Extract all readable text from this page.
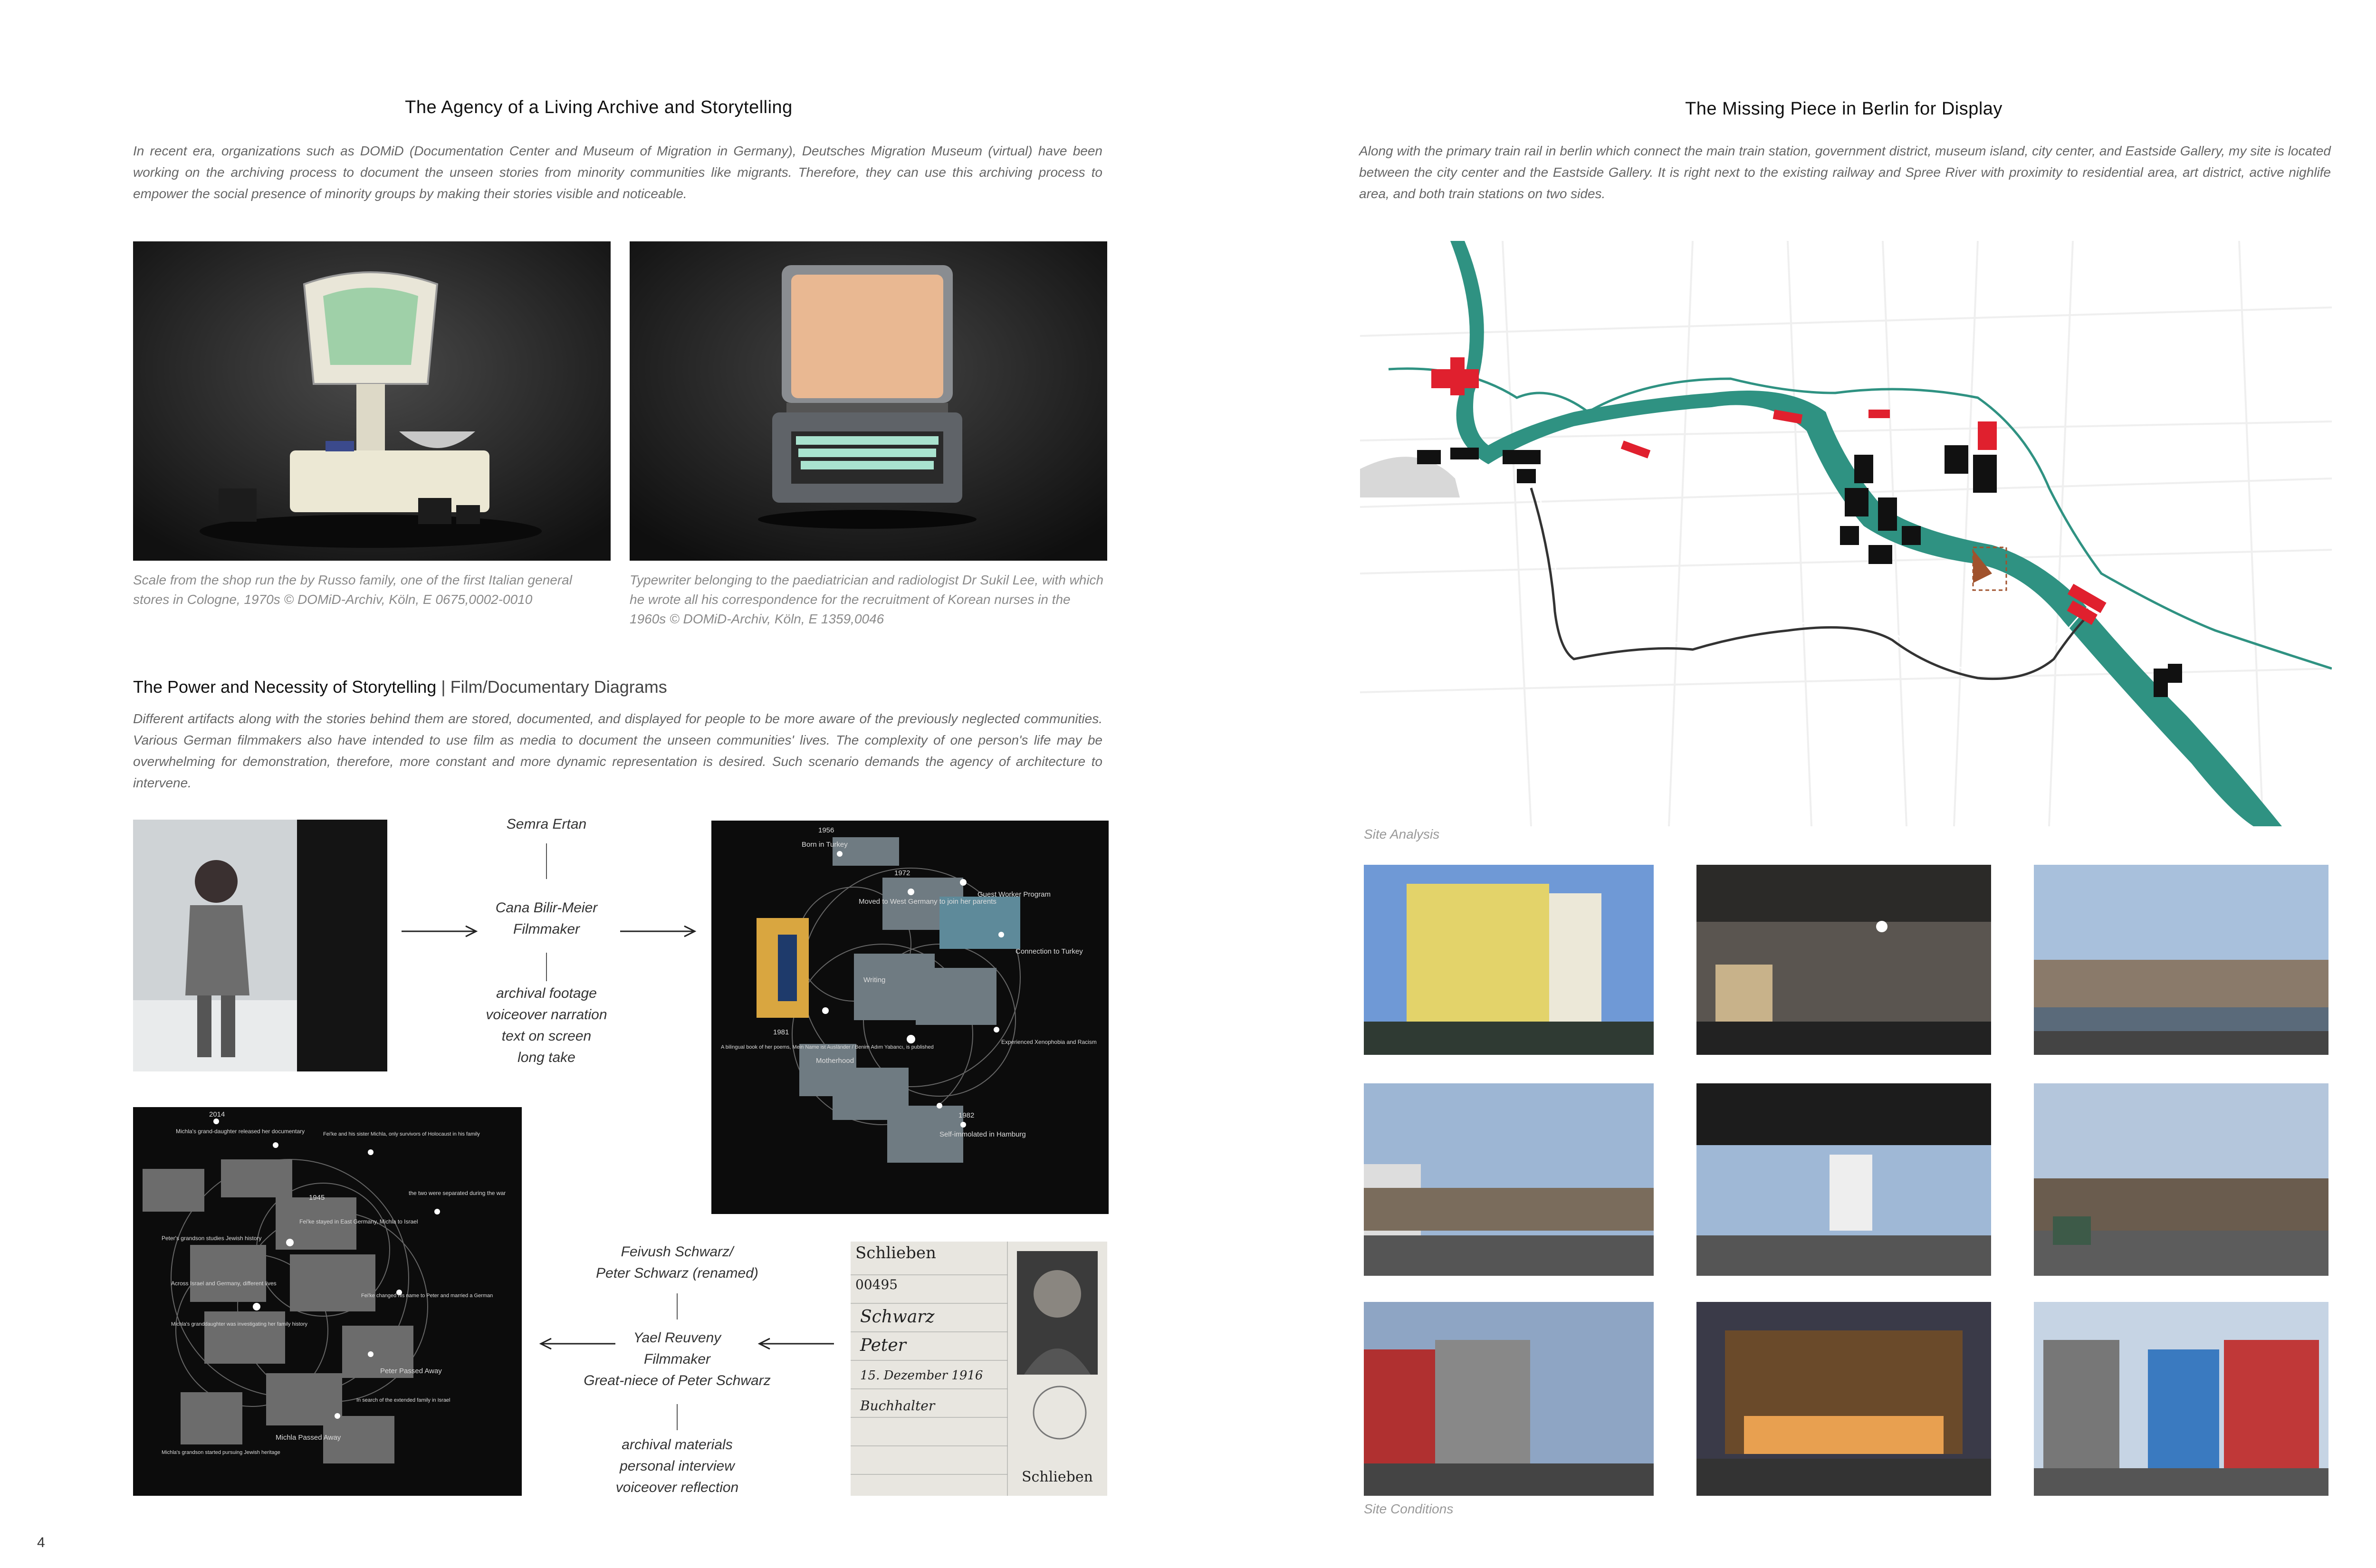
The Agency of a Living Archive and Storytelling
In recent era, organizations such as DOMiD (Documentation Center and Museum of Migration in Germany), Deutsches Migration Museum (virtual) have been working on the archiving process to document the unseen stories from minority communities like migrants. Therefore, they can use this archiving process to empower the social presence of minority groups by making their stories visible and noticeable.
Scale from the shop run the by Russo family, one of the first Italian general stores in Cologne, 1970s © DOMiD-Archiv, Köln, E 0675,0002-0010
Typewriter belonging to the paediatrician and radiologist Dr Sukil Lee, with which he wrote all his correspondence for the recruitment of Korean nurses in the 1960s © DOMiD-Archiv, Köln, E 1359,0046
The Power and Necessity of Storytelling | Film/Documentary Diagrams
Different artifacts along with the stories behind them are stored, documented, and displayed for people to be more aware of the previously neglected communities. Various German filmmakers also have intended to use film as media to document the unseen communities' lives. The complexity of one person's life may be overwhelming for demonstration, therefore, more constant and more dynamic representation is desired. Such scenario demands the agency of architecture to intervene.
Semra Ertan
Cana Bilir-Meier
Filmmaker
archival footage
voiceover narration
text on screen
long take
1956
Born in Turkey
1972
Moved to West Germany to join her parents
Guest Worker Program
Connection to Turkey
1981
A bilingual book of her poems, Mein Name ist Ausländer / Benim Adım Yabancı, is published
Experienced Xenophobia and Racism
Writing
Motherhood
1982
Self-immolated in Hamburg
2014
Michla's grand-daughter released her documentary	Fei'ke and his sister Michla, only survivors of Holocaust in his family
1945
Fei'ke stayed in East Germany, Michla to Israel
the two were separated during the war
Peter's grandson studies Jewish history
Across Israel and Germany, different lives
Fei'ke changed his name to Peter and married a German
Michla's granddaughter was investigating her family history
Peter Passed Away
Michla's grandson started pursuing Jewish heritage
Michla Passed Away
In search of the extended family in Israel
Feivush Schwarz/
Peter Schwarz (renamed)
Yael Reuveny
Filmmaker
Great-niece of Peter Schwarz
archival materials
personal interview
voiceover reflection
Schlieben
00495
Schwarz
Peter
15. Dezember 1916
Buchhalter
Schlieben
4
The Missing Piece in Berlin for Display
Along with the primary train rail in berlin which connect the main train station, government district, museum island, city center, and Eastside Gallery, my site is located between the city center and the Eastside Gallery. It is right next to the existing railway and Spree River with proximity to residential area, art district, active nighlife area, and both train stations on two sides.
Site Analysis
Site Conditions
